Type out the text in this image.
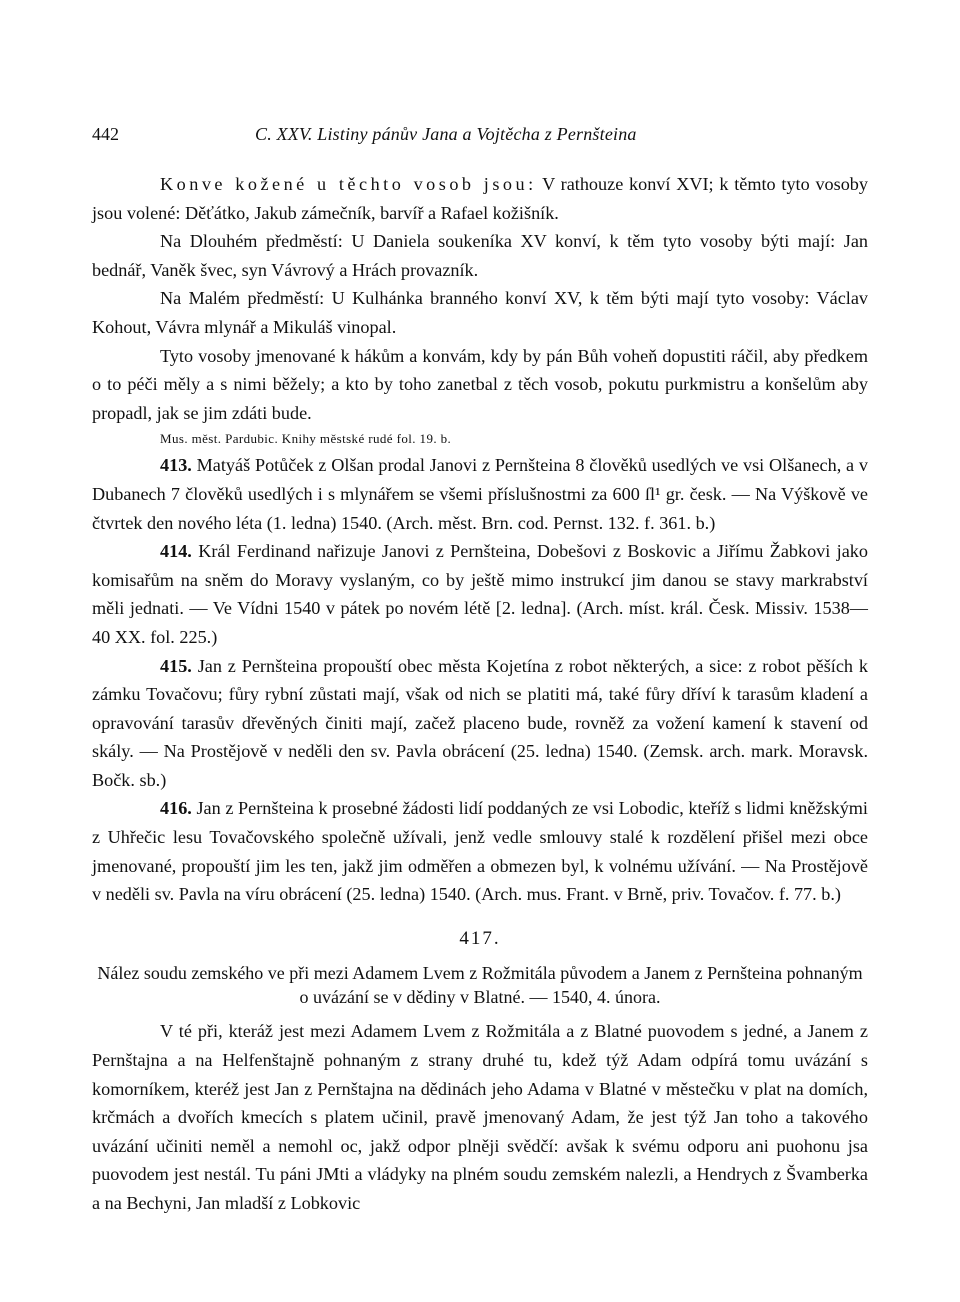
442	C. XXV. Listiny pánův Jana a Vojtěcha z Pernšteina

Konve kožené u těchto vosob jsou: V rathouze konví XVI; k těmto tyto vosoby jsou volené: Děťátko, Jakub zámečník, barvíř a Rafael kožišník.

Na Dlouhém předměstí: U Daniela soukeníka XV konví, k těm tyto vosoby býti mají: Jan bednář, Vaněk švec, syn Vávrový a Hrách provazník.

Na Malém předměstí: U Kulhánka branného konví XV, k těm býti mají tyto vosoby: Václav Kohout, Vávra mlynář a Mikuláš vinopal.

Tyto vosoby jmenované k hákům a konvám, kdy by pán Bůh voheň dopustiti ráčil, aby předkem o to péči měly a s nimi běžely; a kto by toho zanetbal z těch vosob, pokutu purkmistru a konšelům aby propadl, jak se jim zdáti bude.

Mus. měst. Pardubic. Knihy městské rudé fol. 19. b.

413. Matyáš Potůček z Olšan prodal Janovi z Pernšteina 8 člověků usedlých ve vsi Olšanech, a v Dubanech 7 člověků usedlých i s mlynářem se všemi příslušnostmi za 600 ſl¹ gr. česk. — Na Výškově ve čtvrtek den nového léta (1. ledna) 1540. (Arch. měst. Brn. cod. Pernst. 132. f. 361. b.)

414. Král Ferdinand nařizuje Janovi z Pernšteina, Dobešovi z Boskovic a Jiřímu Žabkovi jako komisařům na sněm do Moravy vyslaným, co by ještě mimo instrukcí jim danou se stavy markrabství měli jednati. — Ve Vídni 1540 v pátek po novém létě [2. ledna]. (Arch. míst. král. Česk. Missiv. 1538—40 XX. fol. 225.)

415. Jan z Pernšteina propouští obec města Kojetína z robot některých, a sice: z robot pěších k zámku Tovačovu; fůry rybní zůstati mají, však od nich se platiti má, také fůry dříví k tarasům kladení a opravování tarasův dřevěných činiti mají, začež placeno bude, rovněž za vožení kamení k stavení od skály. — Na Prostějově v neděli den sv. Pavla obrácení (25. ledna) 1540. (Zemsk. arch. mark. Moravsk. Bočk. sb.)

416. Jan z Pernšteina k prosebné žádosti lidí poddaných ze vsi Lobodic, kteříž s lidmi kněžskými z Uhřečic lesu Tovačovského společně užívali, jenž vedle smlouvy stalé k rozdělení přišel mezi obce jmenované, propouští jim les ten, jakž jim odměřen a obmezen byl, k volnému užívání. — Na Prostějově v neděli sv. Pavla na víru obrácení (25. ledna) 1540. (Arch. mus. Frant. v Brně, priv. Tovačov. f. 77. b.)

417.
Nález soudu zemského ve při mezi Adamem Lvem z Rožmitála původem a Janem z Pernšteina pohnaným o uvázání se v dědiny v Blatné. — 1540, 4. února.

V té při, kteráž jest mezi Adamem Lvem z Rožmitála a z Blatné puovodem s jedné, a Janem z Pernštajna a na Helfenštajně pohnaným z strany druhé tu, kdež týž Adam odpírá tomu uvázání s komorníkem, kteréž jest Jan z Pernštajna na dědinách jeho Adama v Blatné v městečku v plat na domích, krčmách a dvořích kmecích s platem učinil, pravě jmenovaný Adam, že jest týž Jan toho a takového uvázání učiniti neměl a nemohl oc, jakž odpor plněji svědčí: avšak k svému odporu ani puohonu jsa puovodem jest nestál. Tu páni JMti a vládyky na plném soudu zemském nalezli, a Hendrych z Švamberka a na Bechyni, Jan mladší z Lobkovic
